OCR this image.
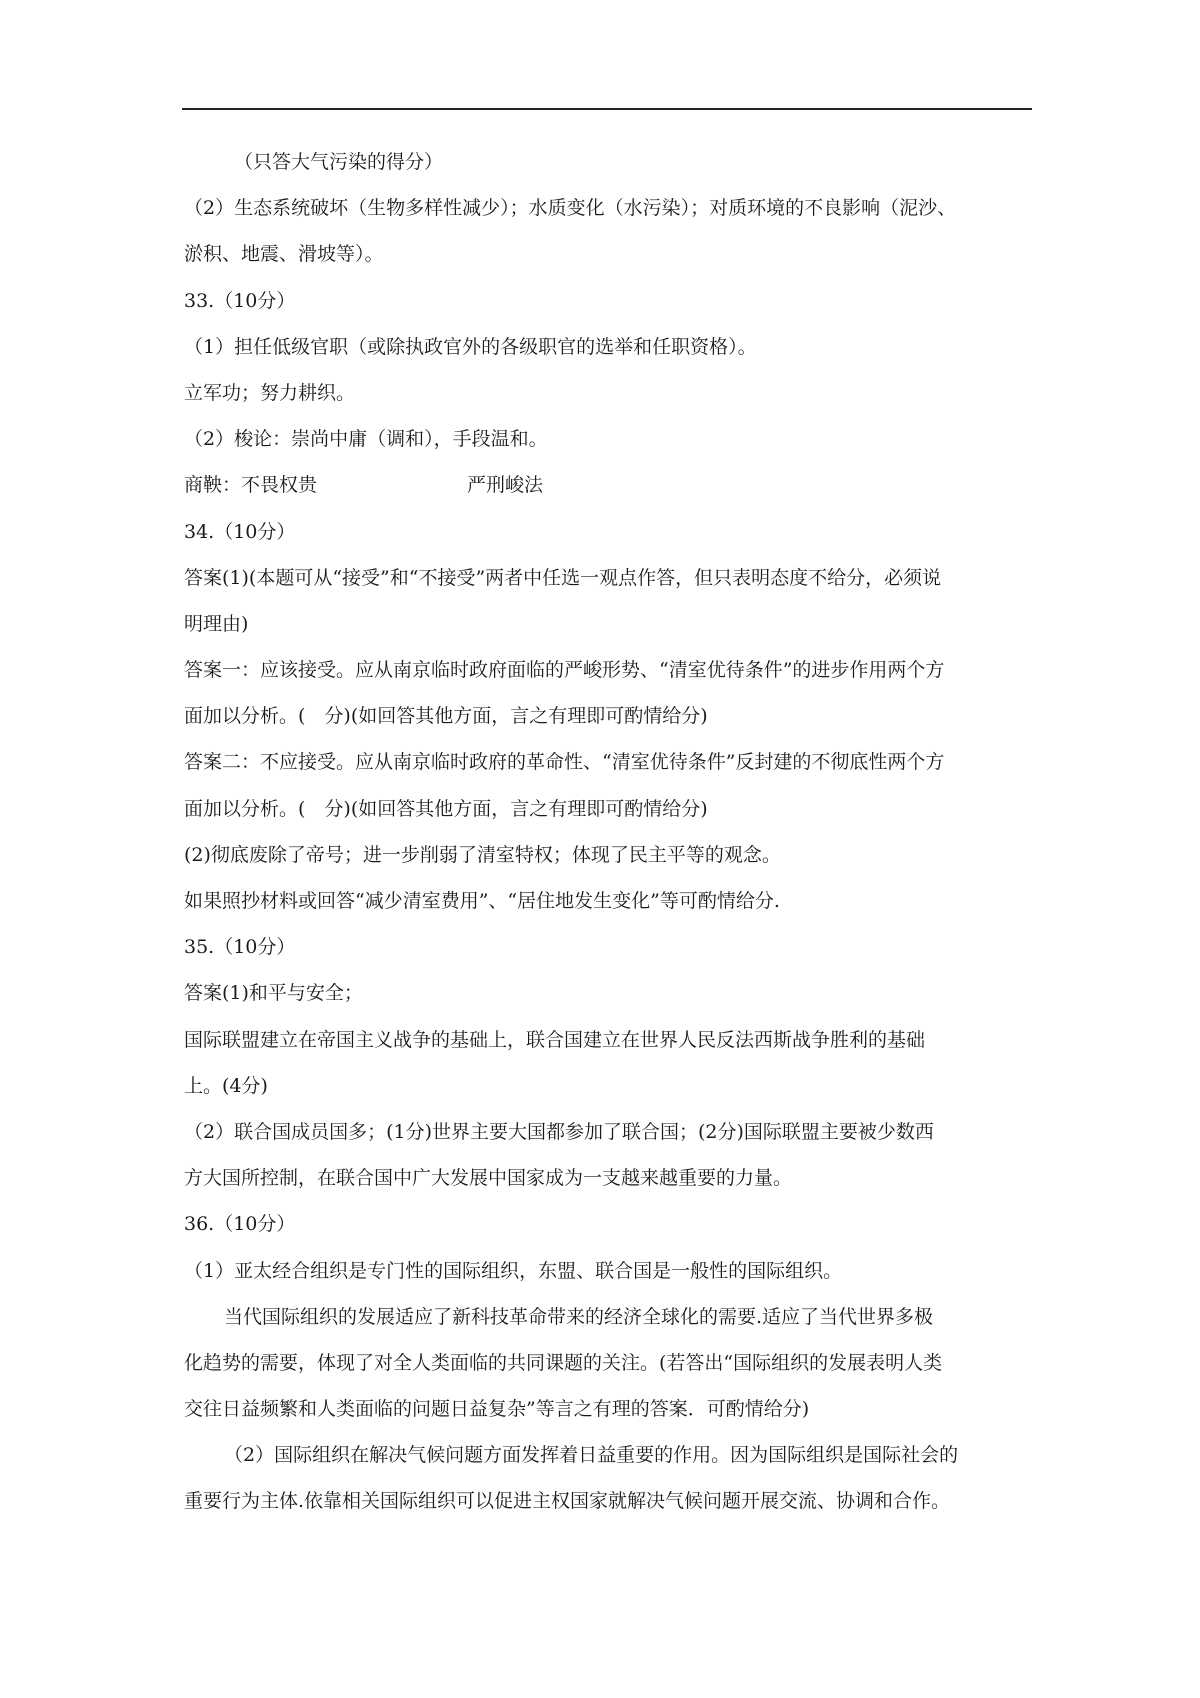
（只答大气污染的得分）
（2）生态系统破坏（生物多样性减少）；水质变化（水污染）；对质环境的不良影响（泥沙、
淤积、地震、滑坡等）。
33.（10分）
（1）担任低级官职（或除执政官外的各级职官的选举和任职资格）。
立军功；努力耕织。
（2）梭论：崇尚中庸（调和），手段温和。
商鞅：不畏权贵	严刑峻法
34.（10分）
答案(1)(本题可从“接受”和“不接受”两者中任选一观点作答，但只表明态度不给分，必须说
明理由)
答案一：应该接受。应从南京临时政府面临的严峻形势、“清室优待条件”的进步作用两个方
面加以分析。(　分)(如回答其他方面，言之有理即可酌情给分)
答案二：不应接受。应从南京临时政府的革命性、“清室优待条件”反封建的不彻底性两个方
面加以分析。(　分)(如回答其他方面，言之有理即可酌情给分)
(2)彻底废除了帝号；进一步削弱了清室特权；体现了民主平等的观念。
如果照抄材料或回答“减少清室费用”、“居住地发生变化”等可酌情给分.
35.（10分）
答案(1)和平与安全；
国际联盟建立在帝国主义战争的基础上，联合国建立在世界人民反法西斯战争胜利的基础
上。(4分)
（2）联合国成员国多；(1分)世界主要大国都参加了联合国；(2分)国际联盟主要被少数西
方大国所控制，在联合国中广大发展中国家成为一支越来越重要的力量。
36.（10分）
（1）亚太经合组织是专门性的国际组织，东盟、联合国是一般性的国际组织。
当代国际组织的发展适应了新科技革命带来的经济全球化的需要.适应了当代世界多极
化趋势的需要，体现了对全人类面临的共同课题的关注。(若答出“国际组织的发展表明人类
交往日益频繁和人类面临的问题日益复杂”等言之有理的答案．可酌情给分)
（2）国际组织在解决气候问题方面发挥着日益重要的作用。因为国际组织是国际社会的
重要行为主体.依靠相关国际组织可以促进主权国家就解决气候问题开展交流、协调和合作。
